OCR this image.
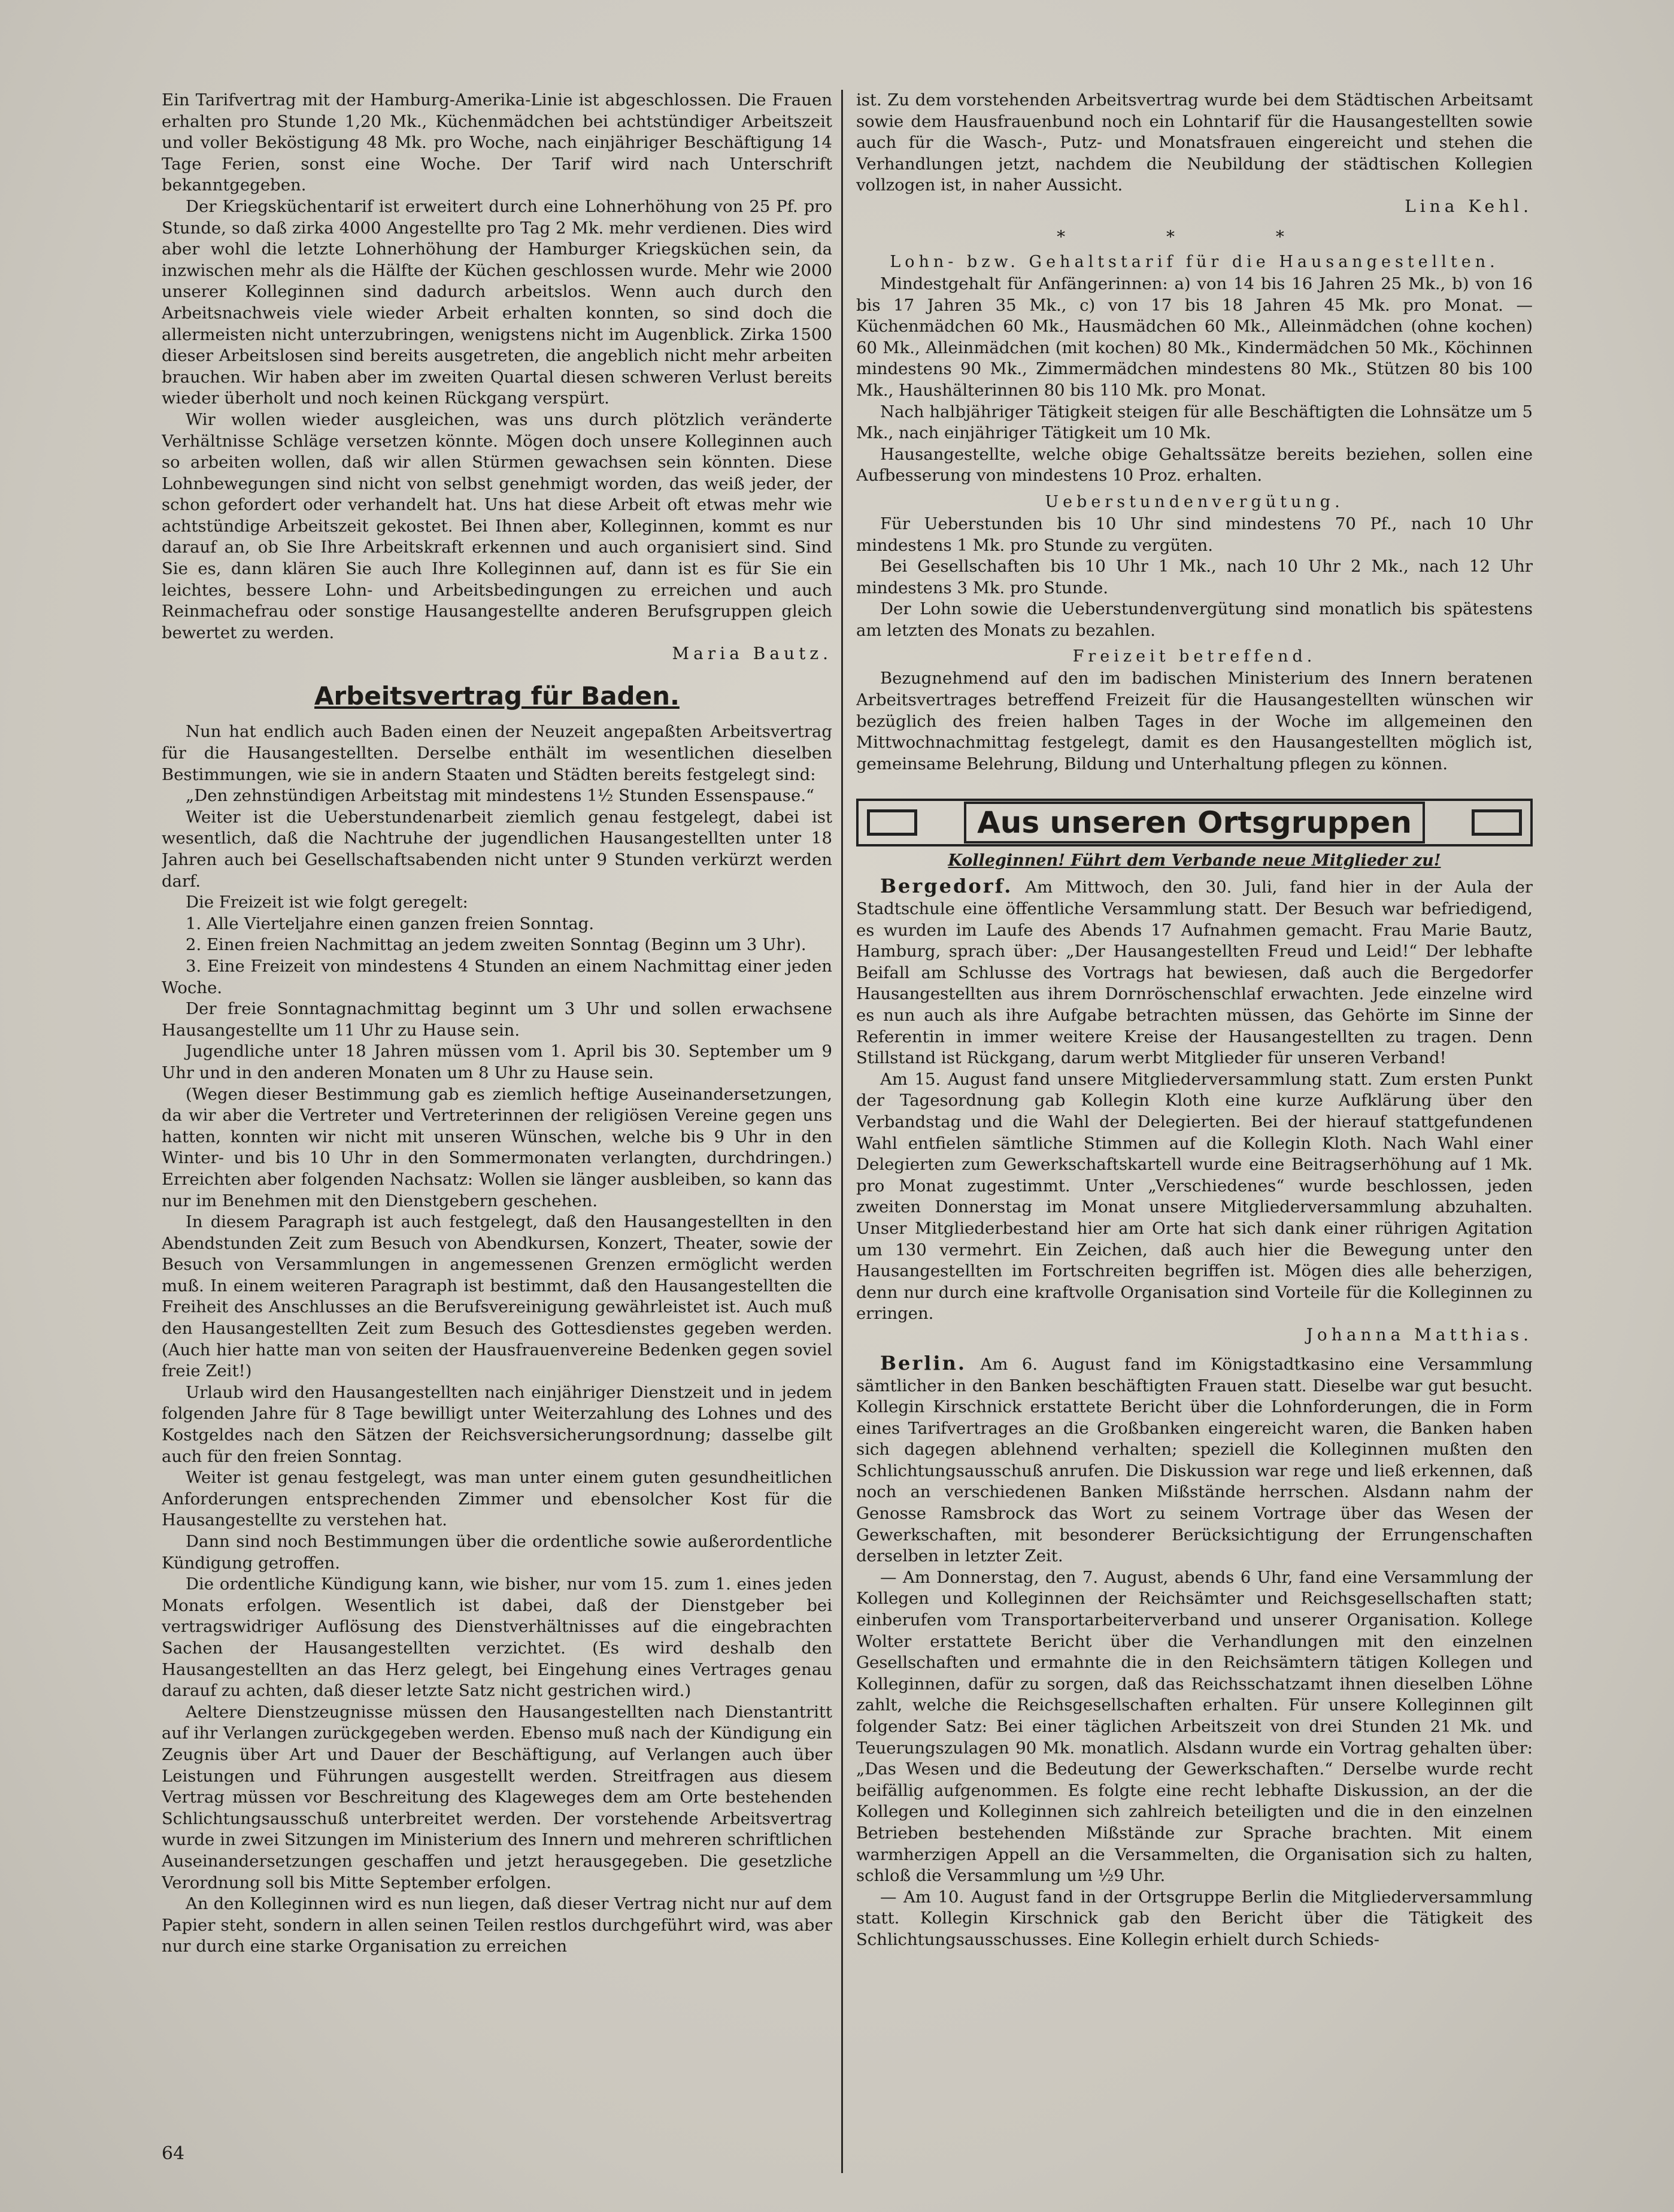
Ein Tarifvertrag mit der Hamburg-Amerika-Linie ist abgeschlossen. Die Frauen erhalten pro Stunde 1,20 Mk., Küchenmädchen bei achtstündiger Arbeitszeit und voller Beköstigung 48 Mk. pro Woche, nach einjähriger Beschäftigung 14 Tage Ferien, sonst eine Woche. Der Tarif wird nach Unterschrift bekanntgegeben.

Der Kriegsküchentarif ist erweitert durch eine Lohnerhöhung von 25 Pf. pro Stunde, so daß zirka 4000 Angestellte pro Tag 2 Mk. mehr verdienen. Dies wird aber wohl die letzte Lohnerhöhung der Hamburger Kriegsküchen sein, da inzwischen mehr als die Hälfte der Küchen geschlossen wurde. Mehr wie 2000 unserer Kolleginnen sind dadurch arbeitslos. Wenn auch durch den Arbeitsnachweis viele wieder Arbeit erhalten konnten, so sind doch die allermeisten nicht unterzubringen, wenigstens nicht im Augenblick. Zirka 1500 dieser Arbeitslosen sind bereits ausgetreten, die angeblich nicht mehr arbeiten brauchen. Wir haben aber im zweiten Quartal diesen schweren Verlust bereits wieder überholt und noch keinen Rückgang verspürt.

Wir wollen wieder ausgleichen, was uns durch plötzlich veränderte Verhältnisse Schläge versetzen könnte. Mögen doch unsere Kolleginnen auch so arbeiten wollen, daß wir allen Stürmen gewachsen sein könnten. Diese Lohnbewegungen sind nicht von selbst genehmigt worden, das weiß jeder, der schon gefordert oder verhandelt hat. Uns hat diese Arbeit oft etwas mehr wie achtstündige Arbeitszeit gekostet. Bei Ihnen aber, Kolleginnen, kommt es nur darauf an, ob Sie Ihre Arbeitskraft erkennen und auch organisiert sind. Sind Sie es, dann klären Sie auch Ihre Kolleginnen auf, dann ist es für Sie ein leichtes, bessere Lohn- und Arbeitsbedingungen zu erreichen und auch Reinmachefrau oder sonstige Hausangestellte anderen Berufsgruppen gleich bewertet zu werden.

Maria Bautz.
Arbeitsvertrag für Baden.

Nun hat endlich auch Baden einen der Neuzeit angepaßten Arbeitsvertrag für die Hausangestellten. Derselbe enthält im wesentlichen dieselben Bestimmungen, wie sie in andern Staaten und Städten bereits festgelegt sind:

„Den zehnstündigen Arbeitstag mit mindestens 1½ Stunden Essenspause.“

Weiter ist die Ueberstundenarbeit ziemlich genau festgelegt, dabei ist wesentlich, daß die Nachtruhe der jugendlichen Hausangestellten unter 18 Jahren auch bei Gesellschaftsabenden nicht unter 9 Stunden verkürzt werden darf.

Die Freizeit ist wie folgt geregelt:

1. Alle Vierteljahre einen ganzen freien Sonntag.

2. Einen freien Nachmittag an jedem zweiten Sonntag (Beginn um 3 Uhr).

3. Eine Freizeit von mindestens 4 Stunden an einem Nachmittag einer jeden Woche.

Der freie Sonntagnachmittag beginnt um 3 Uhr und sollen erwachsene Hausangestellte um 11 Uhr zu Hause sein.

Jugendliche unter 18 Jahren müssen vom 1. April bis 30. September um 9 Uhr und in den anderen Monaten um 8 Uhr zu Hause sein.

(Wegen dieser Bestimmung gab es ziemlich heftige Auseinandersetzungen, da wir aber die Vertreter und Vertreterinnen der religiösen Vereine gegen uns hatten, konnten wir nicht mit unseren Wünschen, welche bis 9 Uhr in den Winter- und bis 10 Uhr in den Sommermonaten verlangten, durchdringen.) Erreichten aber folgenden Nachsatz: Wollen sie länger ausbleiben, so kann das nur im Benehmen mit den Dienstgebern geschehen.

In diesem Paragraph ist auch festgelegt, daß den Hausangestellten in den Abendstunden Zeit zum Besuch von Abendkursen, Konzert, Theater, sowie der Besuch von Versammlungen in angemessenen Grenzen ermöglicht werden muß. In einem weiteren Paragraph ist bestimmt, daß den Hausangestellten die Freiheit des Anschlusses an die Berufsvereinigung gewährleistet ist. Auch muß den Hausangestellten Zeit zum Besuch des Gottesdienstes gegeben werden. (Auch hier hatte man von seiten der Hausfrauenvereine Bedenken gegen soviel freie Zeit!)

Urlaub wird den Hausangestellten nach einjähriger Dienstzeit und in jedem folgenden Jahre für 8 Tage bewilligt unter Weiterzahlung des Lohnes und des Kostgeldes nach den Sätzen der Reichsversicherungsordnung; dasselbe gilt auch für den freien Sonntag.

Weiter ist genau festgelegt, was man unter einem guten gesundheitlichen Anforderungen entsprechenden Zimmer und ebensolcher Kost für die Hausangestellte zu verstehen hat.

Dann sind noch Bestimmungen über die ordentliche sowie außerordentliche Kündigung getroffen.

Die ordentliche Kündigung kann, wie bisher, nur vom 15. zum 1. eines jeden Monats erfolgen. Wesentlich ist dabei, daß der Dienstgeber bei vertragswidriger Auflösung des Dienstverhältnisses auf die eingebrachten Sachen der Hausangestellten verzichtet. (Es wird deshalb den Hausangestellten an das Herz gelegt, bei Eingehung eines Vertrages genau darauf zu achten, daß dieser letzte Satz nicht gestrichen wird.)

Aeltere Dienstzeugnisse müssen den Hausangestellten nach Dienstantritt auf ihr Verlangen zurückgegeben werden. Ebenso muß nach der Kündigung ein Zeugnis über Art und Dauer der Beschäftigung, auf Verlangen auch über Leistungen und Führungen ausgestellt werden. Streitfragen aus diesem Vertrag müssen vor Beschreitung des Klageweges dem am Orte bestehenden Schlichtungsausschuß unterbreitet werden. Der vorstehende Arbeitsvertrag wurde in zwei Sitzungen im Ministerium des Innern und mehreren schriftlichen Auseinandersetzungen geschaffen und jetzt herausgegeben. Die gesetzliche Verordnung soll bis Mitte September erfolgen.

An den Kolleginnen wird es nun liegen, daß dieser Vertrag nicht nur auf dem Papier steht, sondern in allen seinen Teilen restlos durchgeführt wird, was aber nur durch eine starke Organisation zu erreichen

ist. Zu dem vorstehenden Arbeitsvertrag wurde bei dem Städtischen Arbeitsamt sowie dem Hausfrauenbund noch ein Lohntarif für die Hausangestellten sowie auch für die Wasch-, Putz- und Monatsfrauen eingereicht und stehen die Verhandlungen jetzt, nachdem die Neubildung der städtischen Kollegien vollzogen ist, in naher Aussicht.

Lina Kehl.
* * *
Lohn- bzw. Gehaltstarif für die Hausangestellten.

Mindestgehalt für Anfängerinnen: a) von 14 bis 16 Jahren 25 Mk., b) von 16 bis 17 Jahren 35 Mk., c) von 17 bis 18 Jahren 45 Mk. pro Monat. — Küchenmädchen 60 Mk., Hausmädchen 60 Mk., Alleinmädchen (ohne kochen) 60 Mk., Alleinmädchen (mit kochen) 80 Mk., Kindermädchen 50 Mk., Köchinnen mindestens 90 Mk., Zimmermädchen mindestens 80 Mk., Stützen 80 bis 100 Mk., Haushälterinnen 80 bis 110 Mk. pro Monat.

Nach halbjähriger Tätigkeit steigen für alle Beschäftigten die Lohnsätze um 5 Mk., nach einjähriger Tätigkeit um 10 Mk.

Hausangestellte, welche obige Gehaltssätze bereits beziehen, sollen eine Aufbesserung von mindestens 10 Proz. erhalten.

Ueberstundenvergütung.

Für Ueberstunden bis 10 Uhr sind mindestens 70 Pf., nach 10 Uhr mindestens 1 Mk. pro Stunde zu vergüten.

Bei Gesellschaften bis 10 Uhr 1 Mk., nach 10 Uhr 2 Mk., nach 12 Uhr mindestens 3 Mk. pro Stunde.

Der Lohn sowie die Ueberstundenvergütung sind monatlich bis spätestens am letzten des Monats zu bezahlen.

Freizeit betreffend.

Bezugnehmend auf den im badischen Ministerium des Innern beratenen Arbeitsvertrages betreffend Freizeit für die Hausangestellten wünschen wir bezüglich des freien halben Tages in der Woche im allgemeinen den Mittwochnachmittag festgelegt, damit es den Hausangestellten möglich ist, gemeinsame Belehrung, Bildung und Unterhaltung pflegen zu können.

Aus unseren Ortsgruppen
Kolleginnen! Führt dem Verbande neue Mitglieder zu!

Bergedorf. Am Mittwoch, den 30. Juli, fand hier in der Aula der Stadtschule eine öffentliche Versammlung statt. Der Besuch war befriedigend, es wurden im Laufe des Abends 17 Aufnahmen gemacht. Frau Marie Bautz, Hamburg, sprach über: „Der Hausangestellten Freud und Leid!“ Der lebhafte Beifall am Schlusse des Vortrags hat bewiesen, daß auch die Bergedorfer Hausangestellten aus ihrem Dornröschenschlaf erwachten. Jede einzelne wird es nun auch als ihre Aufgabe betrachten müssen, das Gehörte im Sinne der Referentin in immer weitere Kreise der Hausangestellten zu tragen. Denn Stillstand ist Rückgang, darum werbt Mitglieder für unseren Verband!

Am 15. August fand unsere Mitgliederversammlung statt. Zum ersten Punkt der Tagesordnung gab Kollegin Kloth eine kurze Aufklärung über den Verbandstag und die Wahl der Delegierten. Bei der hierauf stattgefundenen Wahl entfielen sämtliche Stimmen auf die Kollegin Kloth. Nach Wahl einer Delegierten zum Gewerkschaftskartell wurde eine Beitragserhöhung auf 1 Mk. pro Monat zugestimmt. Unter „Verschiedenes“ wurde beschlossen, jeden zweiten Donnerstag im Monat unsere Mitgliederversammlung abzuhalten. Unser Mitgliederbestand hier am Orte hat sich dank einer rührigen Agitation um 130 vermehrt. Ein Zeichen, daß auch hier die Bewegung unter den Hausangestellten im Fortschreiten begriffen ist. Mögen dies alle beherzigen, denn nur durch eine kraftvolle Organisation sind Vorteile für die Kolleginnen zu erringen.

Johanna Matthias.

Berlin. Am 6. August fand im Königstadtkasino eine Versammlung sämtlicher in den Banken beschäftigten Frauen statt. Dieselbe war gut besucht. Kollegin Kirschnick erstattete Bericht über die Lohnforderungen, die in Form eines Tarifvertrages an die Großbanken eingereicht waren, die Banken haben sich dagegen ablehnend verhalten; speziell die Kolleginnen mußten den Schlichtungsausschuß anrufen. Die Diskussion war rege und ließ erkennen, daß noch an verschiedenen Banken Mißstände herrschen. Alsdann nahm der Genosse Ramsbrock das Wort zu seinem Vortrage über das Wesen der Gewerkschaften, mit besonderer Berücksichtigung der Errungenschaften derselben in letzter Zeit.

— Am Donnerstag, den 7. August, abends 6 Uhr, fand eine Versammlung der Kollegen und Kolleginnen der Reichsämter und Reichsgesellschaften statt; einberufen vom Transportarbeiterverband und unserer Organisation. Kollege Wolter erstattete Bericht über die Verhandlungen mit den einzelnen Gesellschaften und ermahnte die in den Reichsämtern tätigen Kollegen und Kolleginnen, dafür zu sorgen, daß das Reichsschatzamt ihnen dieselben Löhne zahlt, welche die Reichsgesellschaften erhalten. Für unsere Kolleginnen gilt folgender Satz: Bei einer täglichen Arbeitszeit von drei Stunden 21 Mk. und Teuerungszulagen 90 Mk. monatlich. Alsdann wurde ein Vortrag gehalten über: „Das Wesen und die Bedeutung der Gewerkschaften.“ Derselbe wurde recht beifällig aufgenommen. Es folgte eine recht lebhafte Diskussion, an der die Kollegen und Kolleginnen sich zahlreich beteiligten und die in den einzelnen Betrieben bestehenden Mißstände zur Sprache brachten. Mit einem warmherzigen Appell an die Versammelten, die Organisation sich zu halten, schloß die Versammlung um ½9 Uhr.

— Am 10. August fand in der Ortsgruppe Berlin die Mitgliederversammlung statt. Kollegin Kirschnick gab den Bericht über die Tätigkeit des Schlichtungsausschusses. Eine Kollegin erhielt durch Schieds-

64
